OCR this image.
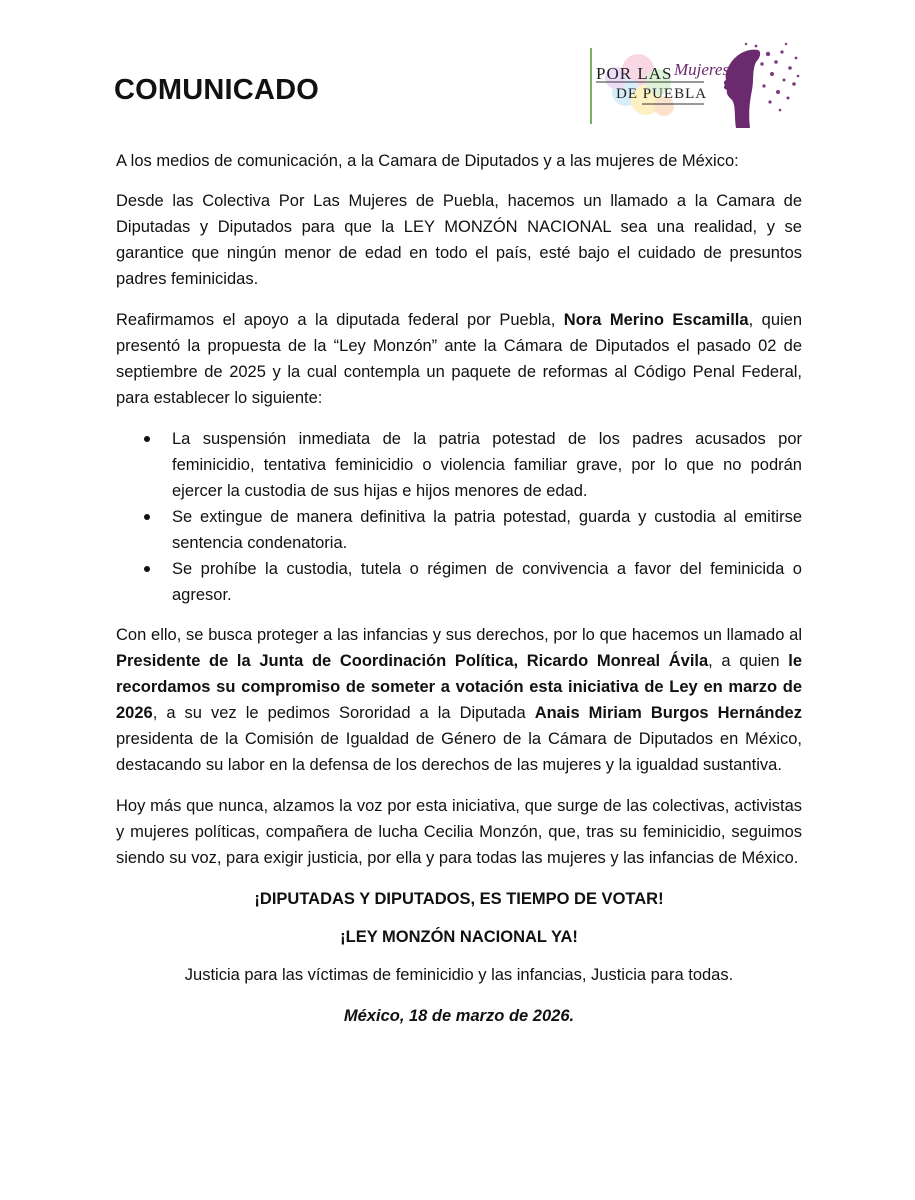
COMUNICADO
POR LAS Mujeres
DE PUEBLA

A los medios de comunicación, a la Camara de Diputados y a las mujeres de México:

Desde las Colectiva Por Las Mujeres de Puebla, hacemos un llamado a la Camara de Diputadas y Diputados para que la LEY MONZÓN NACIONAL sea una realidad, y se garantice que ningún menor de edad en todo el país, esté bajo el cuidado de presuntos padres feminicidas.

Reafirmamos el apoyo a la diputada federal por Puebla, Nora Merino Escamilla, quien presentó la propuesta de la “Ley Monzón” ante la Cámara de Diputados el pasado 02 de septiembre de 2025 y la cual contempla un paquete de reformas al Código Penal Federal, para establecer lo siguiente:

La suspensión inmediata de la patria potestad de los padres acusados por feminicidio, tentativa feminicidio o violencia familiar grave, por lo que no podrán ejercer la custodia de sus hijas e hijos menores de edad.
Se extingue de manera definitiva la patria potestad, guarda y custodia al emitirse sentencia condenatoria.
Se prohíbe la custodia, tutela o régimen de convivencia a favor del feminicida o agresor.

Con ello, se busca proteger a las infancias y sus derechos, por lo que hacemos un llamado al Presidente de la Junta de Coordinación Política, Ricardo Monreal Ávila, a quien le recordamos su compromiso de someter a votación esta iniciativa de Ley en marzo de 2026, a su vez le pedimos Sororidad a la Diputada Anais Miriam Burgos Hernández presidenta de la Comisión de Igualdad de Género de la Cámara de Diputados en México, destacando su labor en la defensa de los derechos de las mujeres y la igualdad sustantiva.

Hoy más que nunca, alzamos la voz por esta iniciativa, que surge de las colectivas, activistas y mujeres políticas, compañera de lucha Cecilia Monzón, que, tras su feminicidio, seguimos siendo su voz, para exigir justicia, por ella y para todas las mujeres y las infancias de México.

¡DIPUTADAS Y DIPUTADOS, ES TIEMPO DE VOTAR!

¡LEY MONZÓN NACIONAL YA!

Justicia para las víctimas de feminicidio y las infancias, Justicia para todas.

México, 18 de marzo de 2026.
